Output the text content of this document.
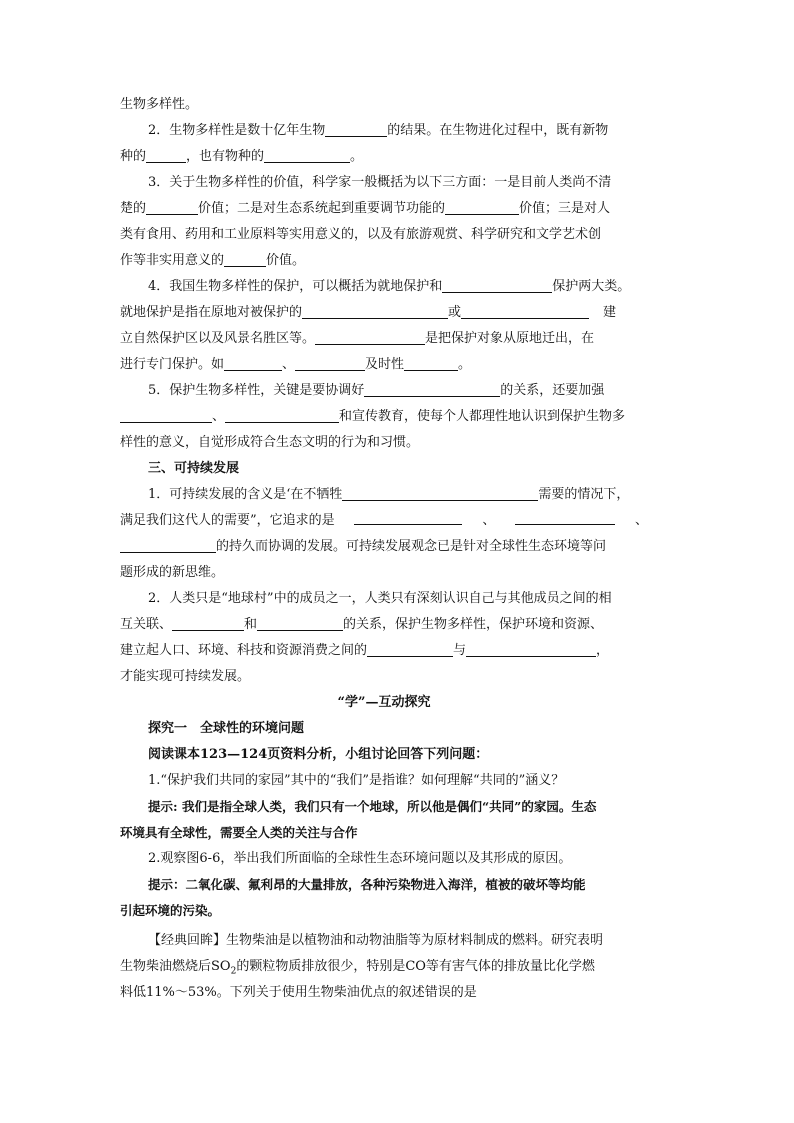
生物多样性。
2．生物多样性是数十亿年生物	的结果。在生物进化过程中，既有新物
种的	，也有物种的	。
3．关于生物多样性的价值，科学家一般概括为以下三方面：一是目前人类尚不清
楚的	价值；二是对生态系统起到重要调节功能的	价值；三是对人
类有食用、药用和工业原料等实用意义的，以及有旅游观赏、科学研究和文学艺术创
作等非实用意义的	价值。
4．我国生物多样性的保护，可以概括为就地保护和	保护两大类。
就地保护是指在原地对被保护的	或	建
立自然保护区以及风景名胜区等。	是把保护对象从原地迁出，在
进行专门保护。如	、	及时性	。
5．保护生物多样性，关键是要协调好	的关系，还要加强
、	和宣传教育，使每个人都理性地认识到保护生物多
样性的意义，自觉形成符合生态文明的行为和习惯。
三、可持续发展
1．可持续发展的含义是‘在不牺牲	需要的情况下，
满足我们这代人的需要”，它追求的是	、	、
的持久而协调的发展。可持续发展观念已是针对全球性生态环境等问
题形成的新思维。
2．人类只是“地球村”中的成员之一，人类只有深刻认识自己与其他成员之间的相
互关联、	和	的关系，保护生物多样性，保护环境和资源、
建立起人口、环境、科技和资源消费之间的	与	，
才能实现可持续发展。
“学”—互动探究
探究一　全球性的环境问题
阅读课本123—124页资料分析，小组讨论回答下列问题：
1.“保护我们共同的家园”其中的“我们”是指谁？如何理解“共同的”涵义？
提示: 我们是指全球人类，我们只有一个地球，所以他是偶们“共同”的家园。生态
环境具有全球性，需要全人类的关注与合作
2.观察图6-6，举出我们所面临的全球性生态环境问题以及其形成的原因。
提示：二氧化碳、氟利昂的大量排放，各种污染物进入海洋，植被的破坏等均能
引起环境的污染。
【经典回眸】生物柴油是以植物油和动物油脂等为原材料制成的燃料。研究表明
生物柴油燃烧后$SO_2$的颗粒物质排放很少，特别是CO等有害气体的排放量比化学燃
料低11%～53%。下列关于使用生物柴油优点的叙述错误的是
